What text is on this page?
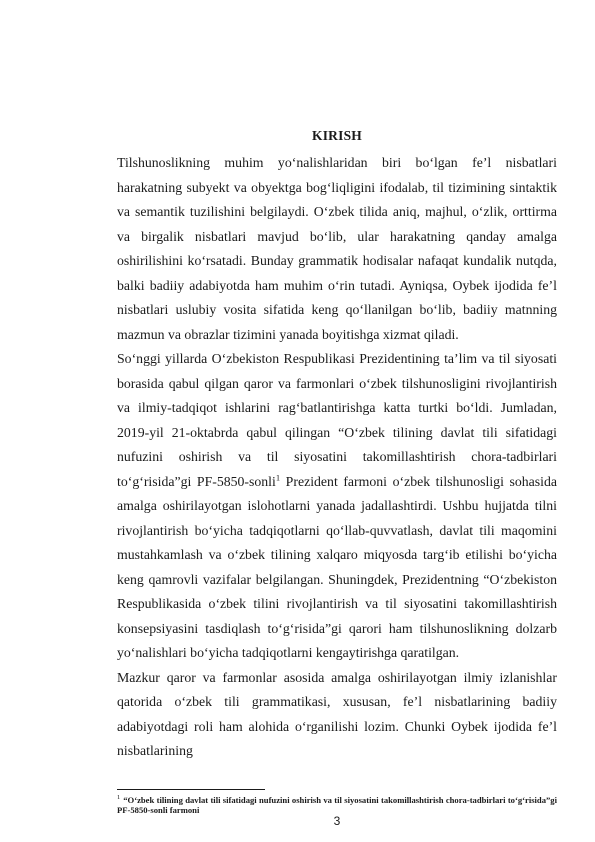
KIRISH

Tilshunoslikning muhim yo‘nalishlaridan biri bo‘lgan fe’l nisbatlari harakatning subyekt va obyektga bog‘liqligini ifodalab, til tizimining sintaktik va semantik tuzilishini belgilaydi. O‘zbek tilida aniq, majhul, o‘zlik, orttirma va birgalik nisbatlari mavjud bo‘lib, ular harakatning qanday amalga oshirilishini ko‘rsatadi. Bunday grammatik hodisalar nafaqat kundalik nutqda, balki badiiy adabiyotda ham muhim o‘rin tutadi. Ayniqsa, Oybek ijodida fe’l nisbatlari uslubiy vosita sifatida keng qo‘llanilgan bo‘lib, badiiy matnning mazmun va obrazlar tizimini yanada boyitishga xizmat qiladi.

So‘nggi yillarda O‘zbekiston Respublikasi Prezidentining ta’lim va til siyosati borasida qabul qilgan qaror va farmonlari o‘zbek tilshunosligini rivojlantirish va ilmiy-tadqiqot ishlarini rag‘batlantirishga katta turtki bo‘ldi. Jumladan, 2019-yil 21-oktabrda qabul qilingan “O‘zbek tilining davlat tili sifatidagi nufuzini oshirish va til siyosatini takomillashtirish chora-tadbirlari to‘g‘risida”gi PF-5850-sonli$^1$ Prezident farmoni o‘zbek tilshunosligi sohasida amalga oshirilayotgan islohotlarni yanada jadallashtirdi. Ushbu hujjatda tilni rivojlantirish bo‘yicha tadqiqotlarni qo‘llab-quvvatlash, davlat tili maqomini mustahkamlash va o‘zbek tilining xalqaro miqyosda targ‘ib etilishi bo‘yicha keng qamrovli vazifalar belgilangan. Shuningdek, Prezidentning “O‘zbekiston Respublikasida o‘zbek tilini rivojlantirish va til siyosatini takomillashtirish konsepsiyasini tasdiqlash to‘g‘risida”gi qarori ham tilshunoslikning dolzarb yo‘nalishlari bo‘yicha tadqiqotlarni kengaytirishga qaratilgan.

Mazkur qaror va farmonlar asosida amalga oshirilayotgan ilmiy izlanishlar qatorida o‘zbek tili grammatikasi, xususan, fe’l nisbatlarining badiiy adabiyotdagi roli ham alohida o‘rganilishi lozim. Chunki Oybek ijodida fe’l nisbatlarining

$^1$ “O‘zbek tilining davlat tili sifatidagi nufuzini oshirish va til siyosatini takomillashtirish chora-tadbirlari to‘g‘risida”gi PF-5850-sonli farmoni
3
